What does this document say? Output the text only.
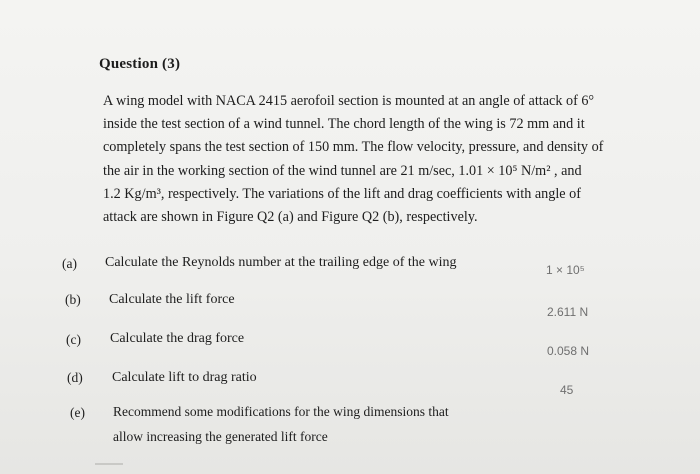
Question (3)
A wing model with NACA 2415 aerofoil section is mounted at an angle of attack of 6°
inside the test section of a wind tunnel. The chord length of the wing is 72 mm and it
completely spans the test section of 150 mm. The flow velocity, pressure, and density of
the air in the working section of the wind tunnel are 21 m/sec, 1.01 × 10⁵ N/m² , and
1.2 Kg/m³, respectively. The variations of the lift and drag coefficients with angle of
attack are shown in Figure Q2 (a) and Figure Q2 (b), respectively.
(a) Calculate the Reynolds number at the trailing edge of the wing	1 × 10⁵
(b) Calculate the lift force
2.611 N
(c) Calculate the drag force
0.058 N
(d) Calculate lift to drag ratio
45
(e) Recommend some modifications for the wing dimensions that
allow increasing the generated lift force
